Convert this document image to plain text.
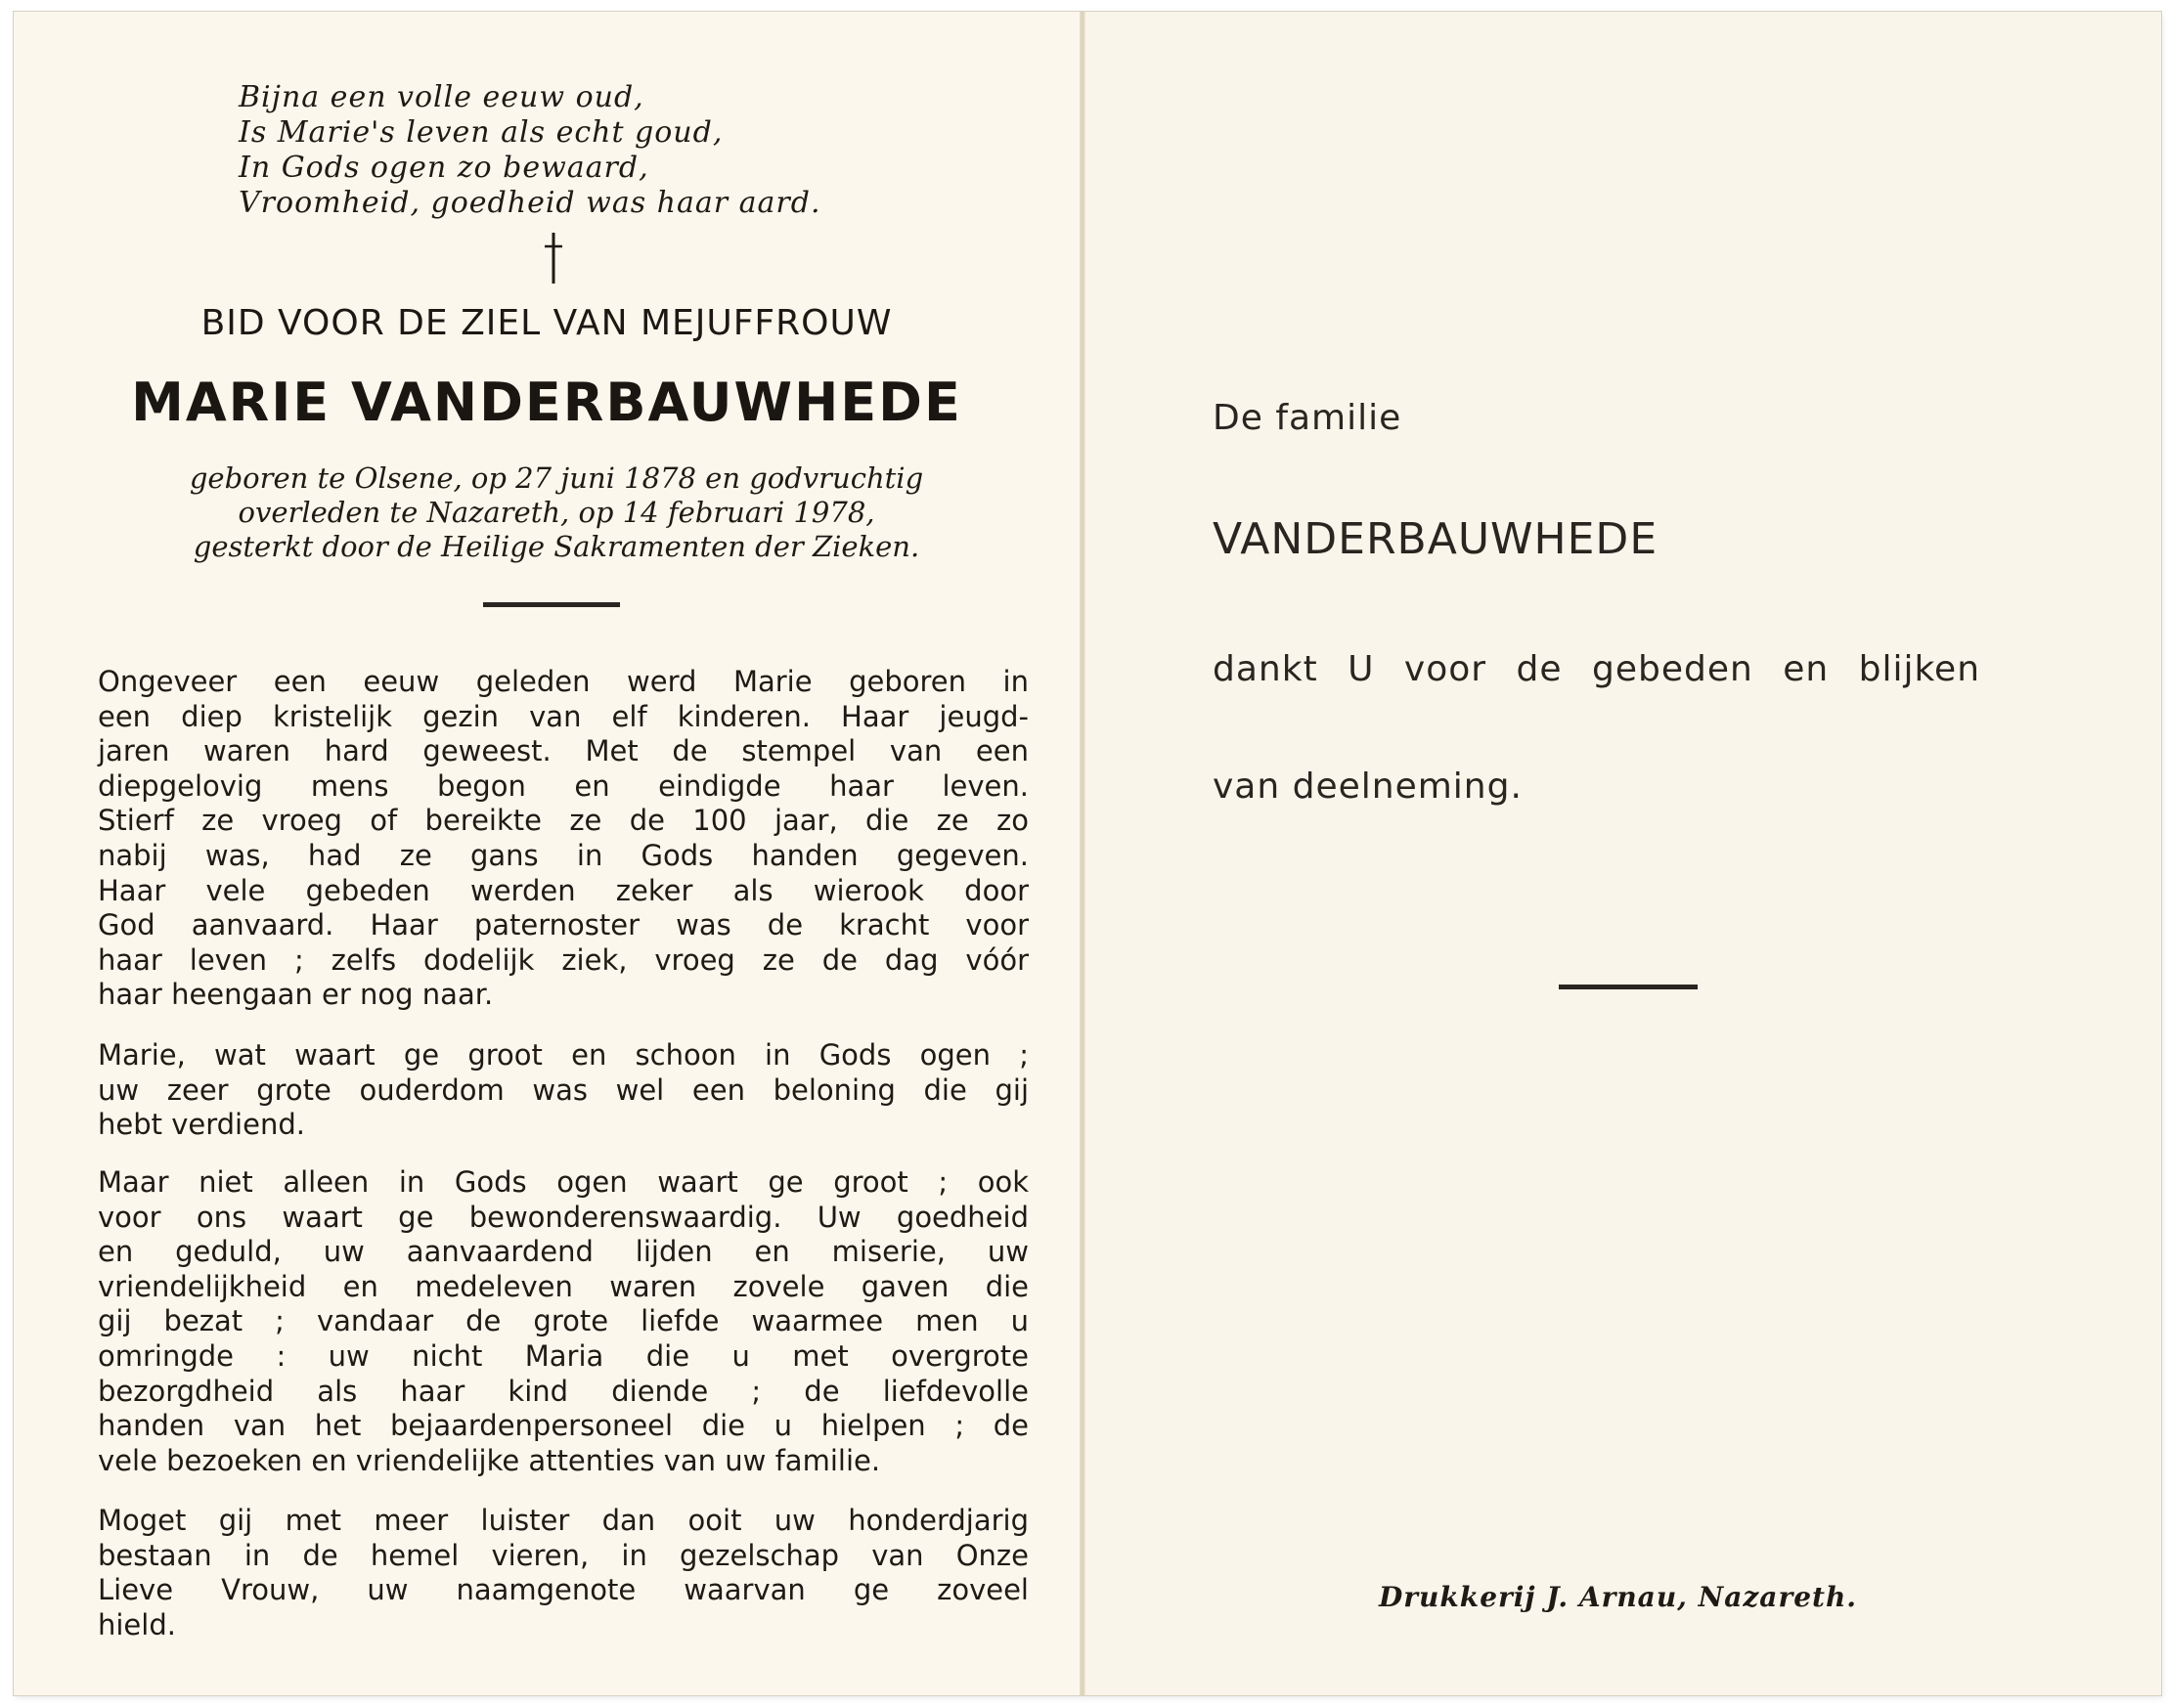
Bijna een volle eeuw oud,
Is Marie's leven als echt goud,
In Gods ogen zo bewaard,
Vroomheid, goedheid was haar aard.
BID VOOR DE ZIEL VAN MEJUFFROUW
MARIE VANDERBAUWHEDE
geboren te Olsene, op 27 juni 1878 en godvruchtig
overleden te Nazareth, op 14 februari 1978,
gesterkt door de Heilige Sakramenten der Zieken.
Ongeveer een eeuw geleden werd Marie geboren in
een diep kristelijk gezin van elf kinderen. Haar jeugd-
jaren waren hard geweest. Met de stempel van een
diepgelovig mens begon en eindigde haar leven.
Stierf ze vroeg of bereikte ze de 100 jaar, die ze zo
nabij was, had ze gans in Gods handen gegeven.
Haar vele gebeden werden zeker als wierook door
God aanvaard. Haar paternoster was de kracht voor
haar leven ; zelfs dodelijk ziek, vroeg ze de dag vóór
haar heengaan er nog naar.
Marie, wat waart ge groot en schoon in Gods ogen ;
uw zeer grote ouderdom was wel een beloning die gij
hebt verdiend.
Maar niet alleen in Gods ogen waart ge groot ; ook
voor ons waart ge bewonderenswaardig. Uw goedheid
en geduld, uw aanvaardend lijden en miserie, uw
vriendelijkheid en medeleven waren zovele gaven die
gij bezat ; vandaar de grote liefde waarmee men u
omringde : uw nicht Maria die u met overgrote
bezorgdheid als haar kind diende ; de liefdevolle
handen van het bejaardenpersoneel die u hielpen ; de
vele bezoeken en vriendelijke attenties van uw familie.
Moget gij met meer luister dan ooit uw honderdjarig
bestaan in de hemel vieren, in gezelschap van Onze
Lieve Vrouw, uw naamgenote waarvan ge zoveel
hield.
De familie
VANDERBAUWHEDE
dankt U voor de gebeden en blijken
van deelneming.
Drukkerij J. Arnau, Nazareth.
